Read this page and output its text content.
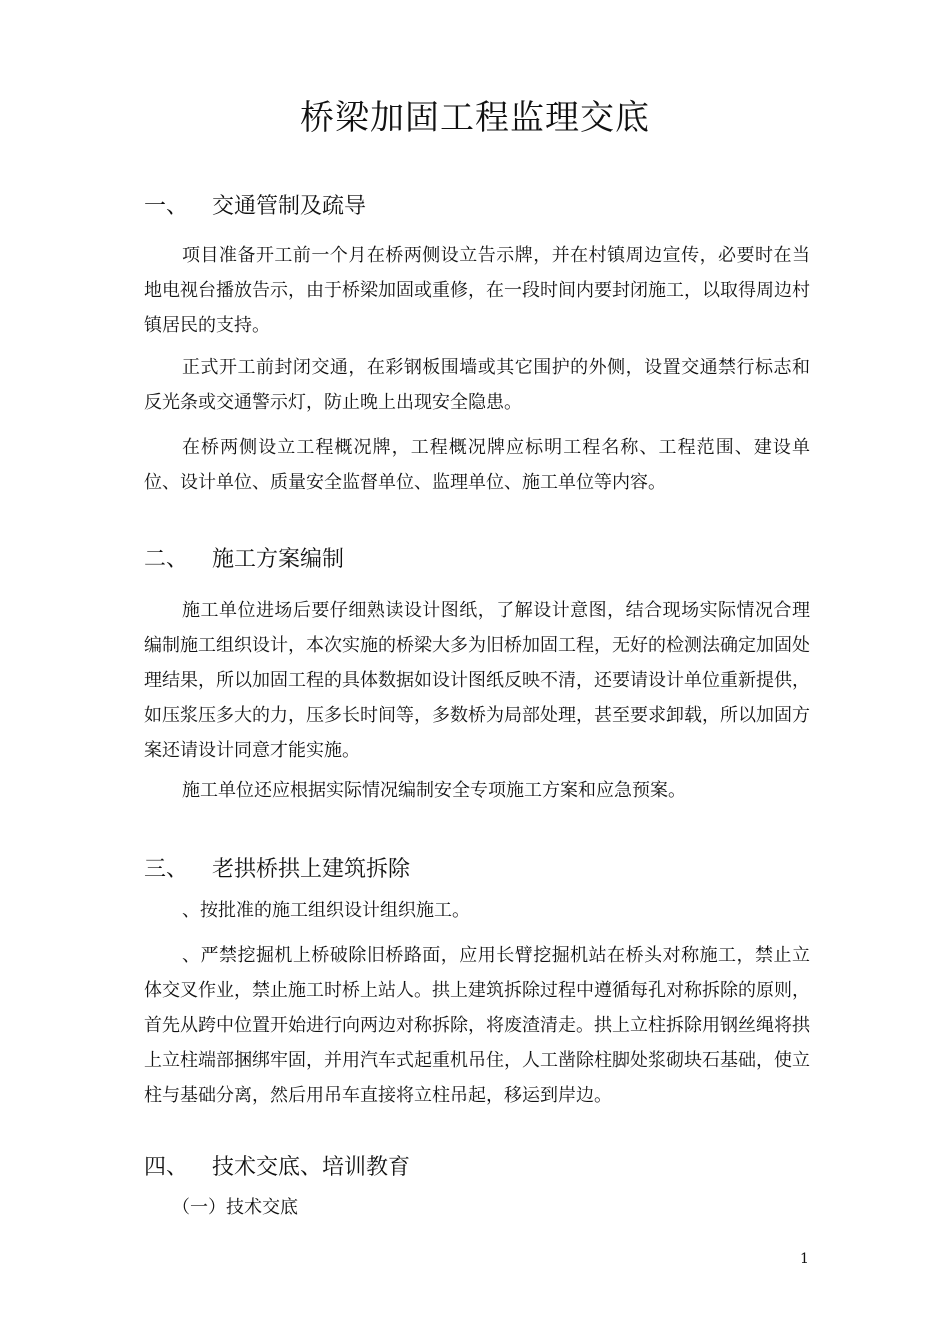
桥梁加固工程监理交底
一、 交通管制及疏导

项目准备开工前一个月在桥两侧设立告示牌，并在村镇周边宣传，必要时在当地电视台播放告示，由于桥梁加固或重修，在一段时间内要封闭施工，以取得周边村镇居民的支持。

正式开工前封闭交通，在彩钢板围墙或其它围护的外侧，设置交通禁行标志和反光条或交通警示灯，防止晚上出现安全隐患。

在桥两侧设立工程概况牌，工程概况牌应标明工程名称、工程范围、建设单位、设计单位、质量安全监督单位、监理单位、施工单位等内容。

二、 施工方案编制

施工单位进场后要仔细熟读设计图纸，了解设计意图，结合现场实际情况合理编制施工组织设计，本次实施的桥梁大多为旧桥加固工程，无好的检测法确定加固处理结果，所以加固工程的具体数据如设计图纸反映不清，还要请设计单位重新提供，如压浆压多大的力，压多长时间等，多数桥为局部处理，甚至要求卸载，所以加固方案还请设计同意才能实施。

施工单位还应根据实际情况编制安全专项施工方案和应急预案。

三、 老拱桥拱上建筑拆除

、按批准的施工组织设计组织施工。

、严禁挖掘机上桥破除旧桥路面，应用长臂挖掘机站在桥头对称施工，禁止立体交叉作业，禁止施工时桥上站人。拱上建筑拆除过程中遵循每孔对称拆除的原则，首先从跨中位置开始进行向两边对称拆除，将废渣清走。拱上立柱拆除用钢丝绳将拱上立柱端部捆绑牢固，并用汽车式起重机吊住，人工凿除柱脚处浆砌块石基础，使立柱与基础分离，然后用吊车直接将立柱吊起，移运到岸边。

四、 技术交底、培训教育
（一）技术交底
1
